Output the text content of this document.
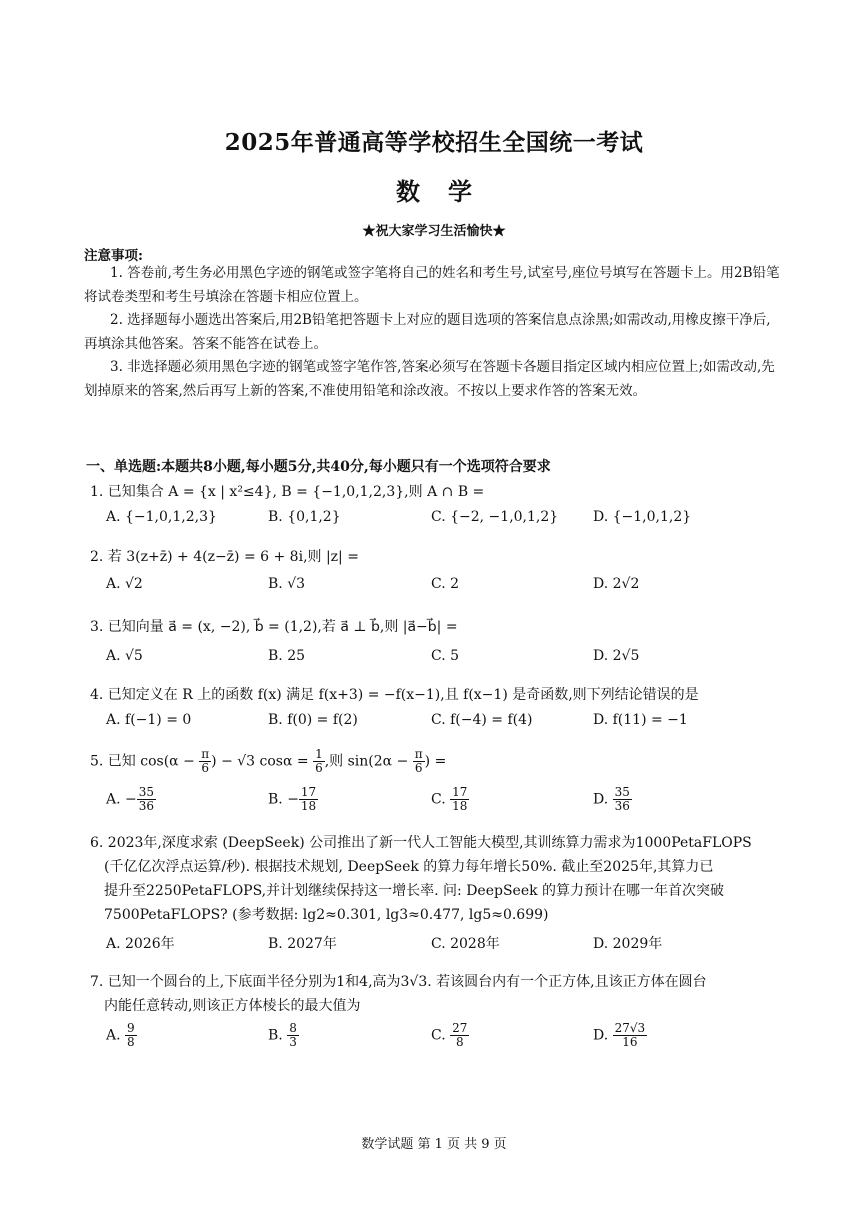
2025年普通高等学校招生全国统一考试
数学
★祝大家学习生活愉快★
注意事项:
1. 答卷前,考生务必用黑色字迹的钢笔或签字笔将自己的姓名和考生号,试室号,座位号填写在答题卡上。用2B铅笔将试卷类型和考生号填涂在答题卡相应位置上。
2. 选择题每小题选出答案后,用2B铅笔把答题卡上对应的题目选项的答案信息点涂黑;如需改动,用橡皮擦干净后,再填涂其他答案。答案不能答在试卷上。
3. 非选择题必须用黑色字迹的钢笔或签字笔作答,答案必须写在答题卡各题目指定区域内相应位置上;如需改动,先划掉原来的答案,然后再写上新的答案,不准使用铅笔和涂改液。不按以上要求作答的答案无效。
一、单选题:本题共8小题,每小题5分,共40分,每小题只有一个选项符合要求
1. 已知集合 A = {x | x²≤4}, B = {−1,0,1,2,3},则 A ∩ B =
A. {−1,0,1,2,3}	B. {0,1,2}	C. {−2, −1,0,1,2} D. {−1,0,1,2}
2. 若 3(z+z̄) + 4(z−z̄) = 6 + 8i,则 |z| =
A. √2	B. √3	C. 2	D. 2√2
3. 已知向量 a⃗ = (x, −2), b⃗ = (1,2),若 a⃗ ⊥ b⃗,则 |a⃗−b⃗| =
A. √5	B. 25	C. 5	D. 2√5
4. 已知定义在 R 上的函数 f(x) 满足 f(x+3) = −f(x−1),且 f(x−1) 是奇函数,则下列结论错误的是
A. f(−1) = 0	B. f(0) = f(2)	C. f(−4) = f(4)	D. f(11) = −1
5. 已知 $\cos(\alpha - \frac{\pi}{6}$ ) − √3 $\cos\alpha = \frac{1}{6}$ ,则 $\sin(2\alpha - \frac{\pi}{6}$ ) =
A. − $\frac{35}{36}$	B. − $\frac{17}{18}$	C. $\frac{17}{18}$	D. $\frac{35}{36}$
6. 2023年,深度求索 (DeepSeek) 公司推出了新一代人工智能大模型,其训练算力需求为1000PetaFLOPS
(千亿亿次浮点运算/秒). 根据技术规划, DeepSeek 的算力每年增长50%. 截止至2025年,其算力已
提升至2250PetaFLOPS,并计划继续保持这一增长率. 问: DeepSeek 的算力预计在哪一年首次突破
7500PetaFLOPS? (参考数据: lg2≈0.301, lg3≈0.477, lg5≈0.699)
A. 2026年	B. 2027年	C. 2028年	D. 2029年
7. 已知一个圆台的上,下底面半径分别为1和4,高为3√3. 若该圆台内有一个正方体,且该正方体在圆台
内能任意转动,则该正方体棱长的最大值为
A. $\frac{9}{8}$	B. $\frac{8}{3}$	C. $\frac{27}{8}$	D. $\frac{27√3}{16}$
数学试题 第 1 页 共 9 页
